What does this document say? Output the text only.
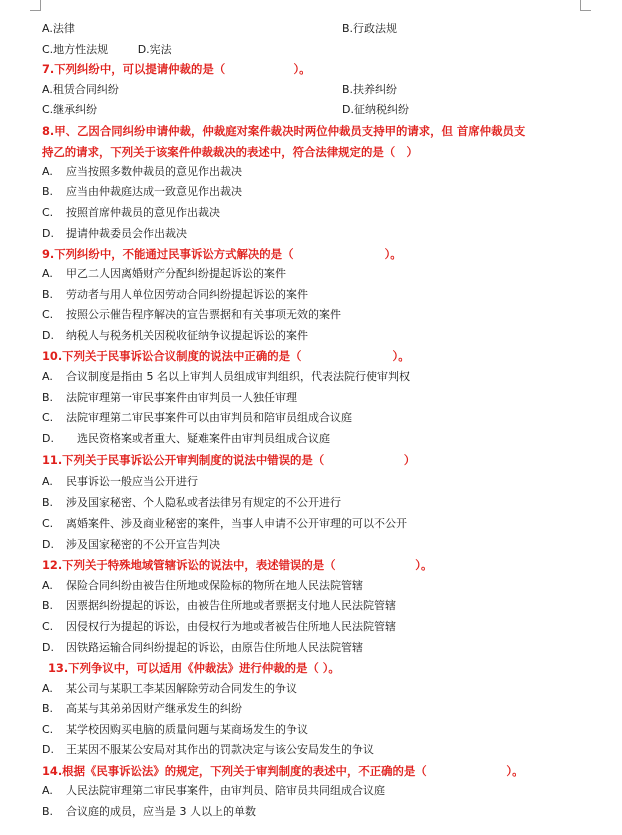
A.法律	B.行政法规
C.地方性法规	D.宪法
7.下列纠纷中，可以提请仲裁的是（　　　　　　）。
A.租赁合同纠纷	B.扶养纠纷
C.继承纠纷	D.征纳税纠纷
8.甲、乙因合同纠纷申请仲裁，仲裁庭对案件裁决时两位仲裁员支持甲的请求，但 首席仲裁员支
持乙的请求，下列关于该案件仲裁裁决的表述中，符合法律规定的是（　）
A. 应当按照多数仲裁员的意见作出裁决
B. 应当由仲裁庭达成一致意见作出裁决
C. 按照首席仲裁员的意见作出裁决
D. 提请仲裁委员会作出裁决
9.下列纠纷中，不能通过民事诉讼方式解决的是（　　　　　　　　）。
A. 甲乙二人因离婚财产分配纠纷提起诉讼的案件
B. 劳动者与用人单位因劳动合同纠纷提起诉讼的案件
C. 按照公示催告程序解决的宣告票据和有关事项无效的案件
D. 纳税人与税务机关因税收征纳争议提起诉讼的案件
10.下列关于民事诉讼合议制度的说法中正确的是（　　　　　　　　）。
A. 合议制度是指由 5 名以上审判人员组成审判组织，代表法院行使审判权
B. 法院审理第一审民事案件由审判员一人独任审理
C. 法院审理第二审民事案件可以由审判员和陪审员组成合议庭
D.　选民资格案或者重大、疑难案件由审判员组成合议庭
11.下列关于民事诉讼公开审判制度的说法中错误的是（　　　　　　　）
A. 民事诉讼一般应当公开进行
B. 涉及国家秘密、个人隐私或者法律另有规定的不公开进行
C. 离婚案件、涉及商业秘密的案件，当事人申请不公开审理的可以不公开
D. 涉及国家秘密的不公开宣告判决
12.下列关于特殊地域管辖诉讼的说法中，表述错误的是（　　　　　　　）。
A. 保险合同纠纷由被告住所地或保险标的物所在地人民法院管辖
B. 因票据纠纷提起的诉讼，由被告住所地或者票据支付地人民法院管辖
C. 因侵权行为提起的诉讼，由侵权行为地或者被告住所地人民法院管辖
D. 因铁路运输合同纠纷提起的诉讼，由原告住所地人民法院管辖
13.下列争议中，可以适用《仲裁法》进行仲裁的是（ ）。
A. 某公司与某职工李某因解除劳动合同发生的争议
B. 高某与其弟弟因财产继承发生的纠纷
C. 某学校因购买电脑的质量问题与某商场发生的争议
D. 王某因不服某公安局对其作出的罚款决定与该公安局发生的争议
14.根据《民事诉讼法》的规定，下列关于审判制度的表述中，不正确的是（　　　　　　　）。
A. 人民法院审理第二审民事案件，由审判员、陪审员共同组成合议庭
B. 合议庭的成员，应当是 3 人以上的单数
